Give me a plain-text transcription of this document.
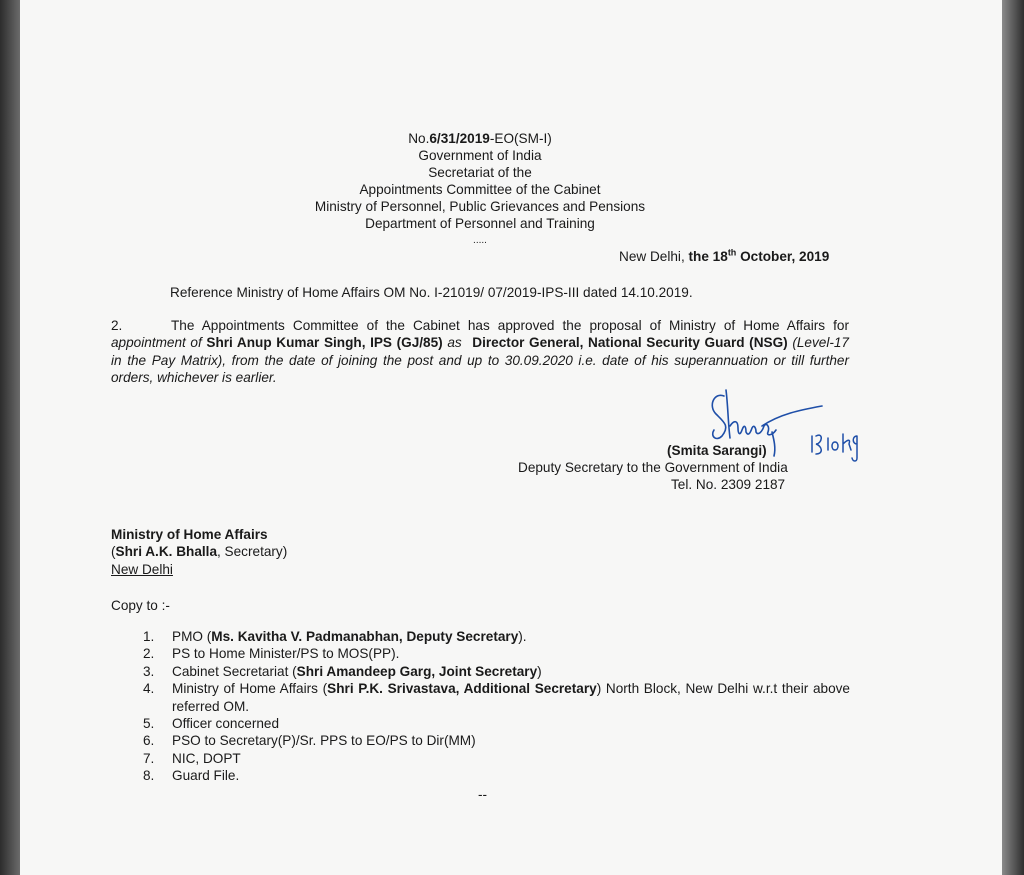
No.6/31/2019-EO(SM-I)
Government of India
Secretariat of the
Appointments Committee of the Cabinet
Ministry of Personnel, Public Grievances and Pensions
Department of Personnel and Training
.....
New Delhi, the 18th October, 2019
Reference Ministry of Home Affairs OM No. I-21019/ 07/2019-IPS-III dated 14.10.2019.
2.	The Appointments Committee of the Cabinet has approved the proposal of Ministry of Home Affairs for appointment of Shri Anup Kumar Singh, IPS (GJ/85) as Director General, National Security Guard (NSG) (Level-17 in the Pay Matrix), from the date of joining the post and up to 30.09.2020 i.e. date of his superannuation or till further orders, whichever is earlier.
(Smita Sarangi)
Deputy Secretary to the Government of India
Tel. No. 2309 2187
Ministry of Home Affairs
(Shri A.K. Bhalla, Secretary)
New Delhi
Copy to :-
1. PMO (Ms. Kavitha V. Padmanabhan, Deputy Secretary).
2. PS to Home Minister/PS to MOS(PP).
3. Cabinet Secretariat (Shri Amandeep Garg, Joint Secretary)
4. Ministry of Home Affairs (Shri P.K. Srivastava, Additional Secretary) North Block, New Delhi w.r.t their above referred OM.
5. Officer concerned
6. PSO to Secretary(P)/Sr. PPS to EO/PS to Dir(MM)
7. NIC, DOPT
8. Guard File.
--
